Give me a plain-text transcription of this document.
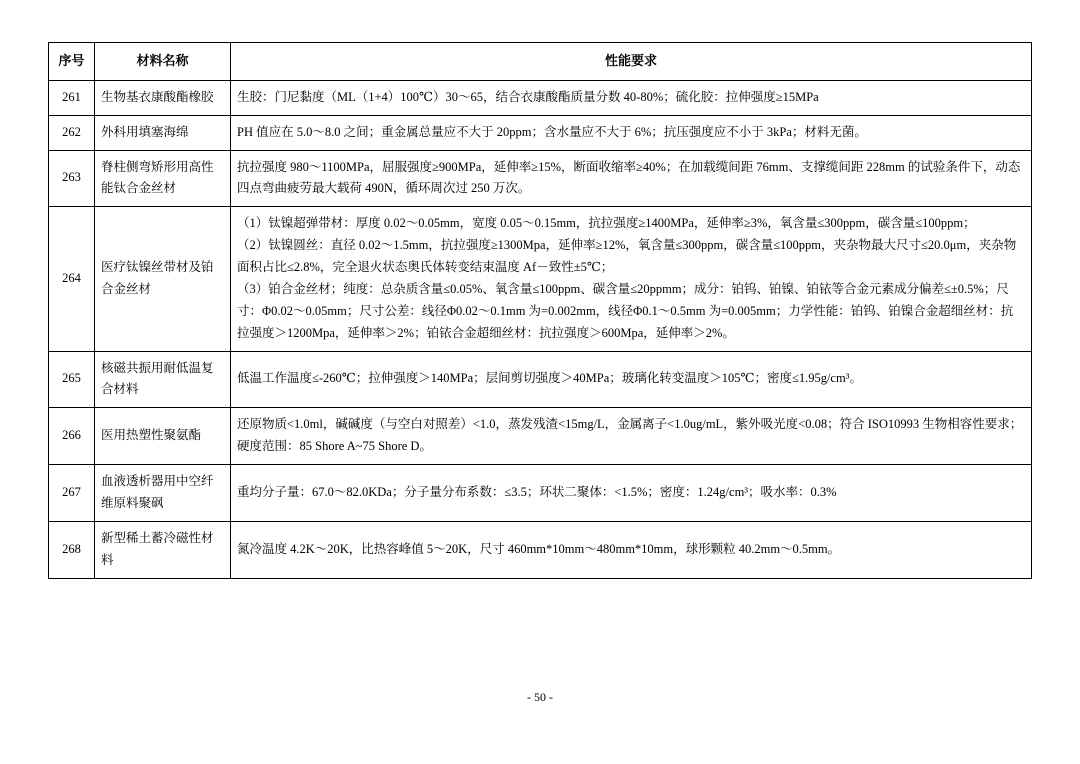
序号	材料名称	性能要求
261	生物基衣康酸酯橡胶	生胶：门尼黏度（ML（1+4）100℃）30～65，结合衣康酸酯质量分数 40-80%；硫化胶：拉伸强度≥15MPa

262	外科用填塞海绵	PH 值应在 5.0～8.0 之间；重金属总量应不大于 20ppm；含水量应不大于 6%；抗压强度应不小于 3kPa；材料无菌。

263	脊柱侧弯矫形用高性能钛合金丝材	抗拉强度 980～1100MPa，屈服强度≥900MPa，延伸率≥15%，断面收缩率≥40%；在加载缆间距 76mm、支撑缆间距 228mm 的试验条件下，动态四点弯曲疲劳最大载荷 490N，循环周次过 250 万次。

264	医疗钛镍丝带材及铂合金丝材	（1）钛镍超弹带材：厚度 0.02～0.05mm，宽度 0.05～0.15mm，抗拉强度≥1400MPa，延伸率≥3%，氧含量≤300ppm，碳含量≤100ppm；

（2）钛镍圆丝：直径 0.02～1.5mm，抗拉强度≥1300Mpa，延伸率≥12%，氧含量≤300ppm，碳含量≤100ppm，夹杂物最大尺寸≤20.0μm，夹杂物面积占比≤2.8%，完全退火状态奥氏体转变结束温度 Af－致性±5℃；

（3）铂合金丝材；纯度：总杂质含量≤0.05%、氧含量≤100ppm、碳含量≤20ppmm；成分：铂钨、铂镍、铂铱等合金元素成分偏差≤±0.5%；尺寸：Φ0.02～0.05mm；尺寸公差：线径Φ0.02～0.1mm 为=0.002mm，线径Φ0.1～0.5mm 为=0.005mm；力学性能：铂钨、铂镍合金超细丝材：抗拉强度＞1200Mpa，延伸率＞2%；铂铱合金超细丝材：抗拉强度＞600Mpa，延伸率＞2%。

265	核磁共振用耐低温复合材料	低温工作温度≤-260℃；拉伸强度＞140MPa；层间剪切强度＞40MPa；玻璃化转变温度＞105℃；密度≤1.95g/cm³。

266	医用热塑性聚氨酯	还原物质<1.0ml，碱碱度（与空白对照差）<1.0，蒸发残渣<15mg/L，金属离子<1.0ug/mL，紫外吸光度<0.08；符合 ISO10993 生物相容性要求；硬度范围：85 Shore A~75 Shore D。

267	血液透析器用中空纤维原料聚砜	重均分子量：67.0～82.0KDa；分子量分布系数：≤3.5；环状二聚体：<1.5%；密度：1.24g/cm³；吸水率：0.3%

268	新型稀土蓄冷磁性材料	氮冷温度 4.2K～20K，比热容峰值 5～20K，尺寸 460mm*10mm～480mm*10mm，球形颗粒 40.2mm～0.5mm。

- 50 -
